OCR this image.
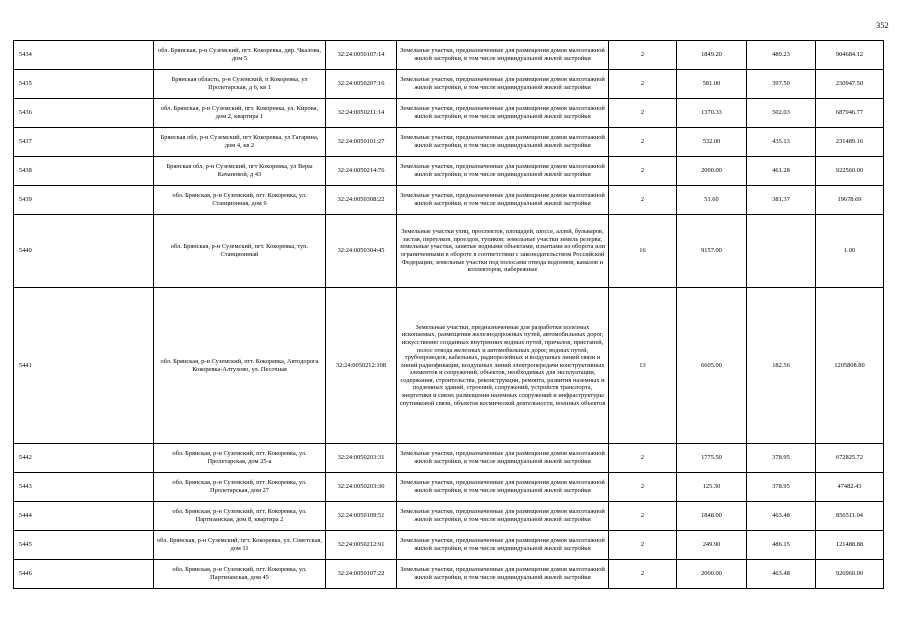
352
5434	обл. Брянская, р-н Суземский, пгт. Кокоревка, двр. Чкалова, дом 5	32:24:0050107:14	Земельные участки, предназначенные для размещения домов малоэтажной жилой застройки, в том числе индивидуальной жилой застройки	2	1849.20	489.23	904684.12
5435	Брянская область, р-н Суземский, п Кокоревка, ул Пролетарская, д 6, кв 1	32:24:0050207:16	Земельные участки, предназначенные для размещения домов малоэтажной жилой застройки, в том числе индивидуальной жилой застройки	2	581.00	397.50	230947.50
5436	обл. Брянская, р-н Суземский, пгт. Кокоревка, ул. Кирова, дом 2, квартира 1	32:24:0050211:14	Земельные участки, предназначенные для размещения домов малоэтажной жилой застройки, в том числе индивидуальной жилой застройки	2	1370.33	502.03	687946.77
5437	Брянская обл, р-н Суземский, пгт Кокоревка, ул Гагарина, дом 4, кв 2	32:24:0050101:27	Земельные участки, предназначенные для размещения домов малоэтажной жилой застройки, в том числе индивидуальной жилой застройки	2	532.00	435.13	231489.16
5438	Брянская обл, р-н Суземский, пгт Кокоревка, ул Веры Качановой, д 43	32:24:0050214:76	Земельные участки, предназначенные для размещения домов малоэтажной жилой застройки, в том числе индивидуальной жилой застройки	2	2000.00	461.28	922560.00
5439	обл. Брянская, р-н Суземский, пгт. Кокоревка, ул. Станционная, дом 6	32:24:0050308:22	Земельные участки, предназначенные для размещения домов малоэтажной жилой застройки, в том числе индивидуальной жилой застройки	2	51.60	381.37	19678.69
5440	обл. Брянская, р-н Суземский, пгт. Кокоревка, туп. Станционный	32:24:0050304:45	Земельные участки улиц, проспектов, площадей, шоссе, аллей, бульваров, застав, переулков, проездов, тупиков; земельные участки земель резерва; земельные участки, занятые водными объектами, изъятыми из оборота или ограниченными в обороте в соответствии с законодательством Российской Федерации; земельные участки под полосами отвода водоемов, каналов и коллекторов, набережные	16	9157.00		1.00
5441	обл. Брянская, р-н Суземский, пгт. Кокоревка, Автодорога Кокоревка-Алтухово, ул. Песочная	32:24:0050212:108	Земельные участки, предназначенные для разработки полезных ископаемых, размещения железнодорожных путей, автомобильных дорог, искусственно созданных внутренних водных путей, причалов, пристаней, полос отвода железных и автомобильных дорог, водных путей, трубопроводов, кабельных, радиорелейных и воздушных линий связи и линий радиофикации, воздушных линий электропередачи конструктивных элементов и сооружений, объектов, необходимых для эксплуатации, содержания, строительства, реконструкции, ремонта, развития наземных и подземных зданий, строений, сооружений, устройств транспорта, энергетики и связи; размещения наземных сооружений и инфраструктуры спутниковой связи, объектов космической деятельности, военных объектов	13	6605.00	182.56	1205808.80
5442	обл. Брянская, р-н Суземский, пгт. Кокоревка, ул. Пролетарская, дом 25-а	32:24:0050203:31	Земельные участки, предназначенные для размещения домов малоэтажной жилой застройки, в том числе индивидуальной жилой застройки	2	1775.50	378.95	672825.72
5443	обл. Брянская, р-н Суземский, пгт. Кокоревка, ул. Пролетарская, дом 27	32:24:0050203:30	Земельные участки, предназначенные для размещения домов малоэтажной жилой застройки, в том числе индивидуальной жилой застройки	2	125.30	378.95	47482.43
5444	обл. Брянская, р-н Суземский, пгт. Кокоревка, ул. Партизанская, дом 8, квартира 2	32:24:0050109:51	Земельные участки, предназначенные для размещения домов малоэтажной жилой застройки, в том числе индивидуальной жилой застройки	2	1848.00	463.48	856511.04
5445	обл. Брянская, р-н Суземский, пгт. Кокоревка, ул. Советская, дом 11	32:24:0050212:91	Земельные участки, предназначенные для размещения домов малоэтажной жилой застройки, в том числе индивидуальной жилой застройки	2	249.90	486.15	121488.88
5446	обл. Брянская, р-н Суземский, пгт. Кокоревка, ул. Партизанская, дом 45	32:24:0050107:22	Земельные участки, предназначенные для размещения домов малоэтажной жилой застройки, в том числе индивидуальной жилой застройки	2	2000.00	463.48	926960.00
